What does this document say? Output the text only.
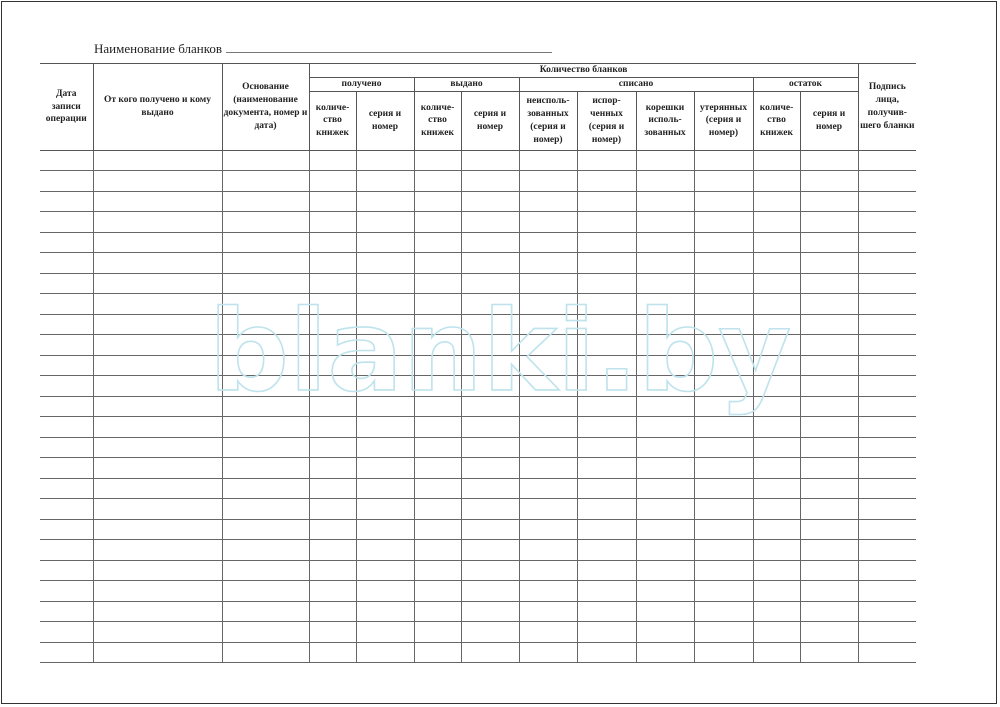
Наименование бланков
Дата записи операции	От кого получено и кому выдано	Основание (наименование документа, номер и дата)	Количество бланков										Подпись лица, получив-шего бланки
			получено		выдано		списано				остаток		
			количе-ство книжек	серия и номер	количе-ство книжек	серия и номер	неисполь-зованных (серия и номер)	испор-ченных (серия и номер)	корешки исполь-зованных	утерянных (серия и номер)	количе-ство книжек	серия и номер	

blanki.by
